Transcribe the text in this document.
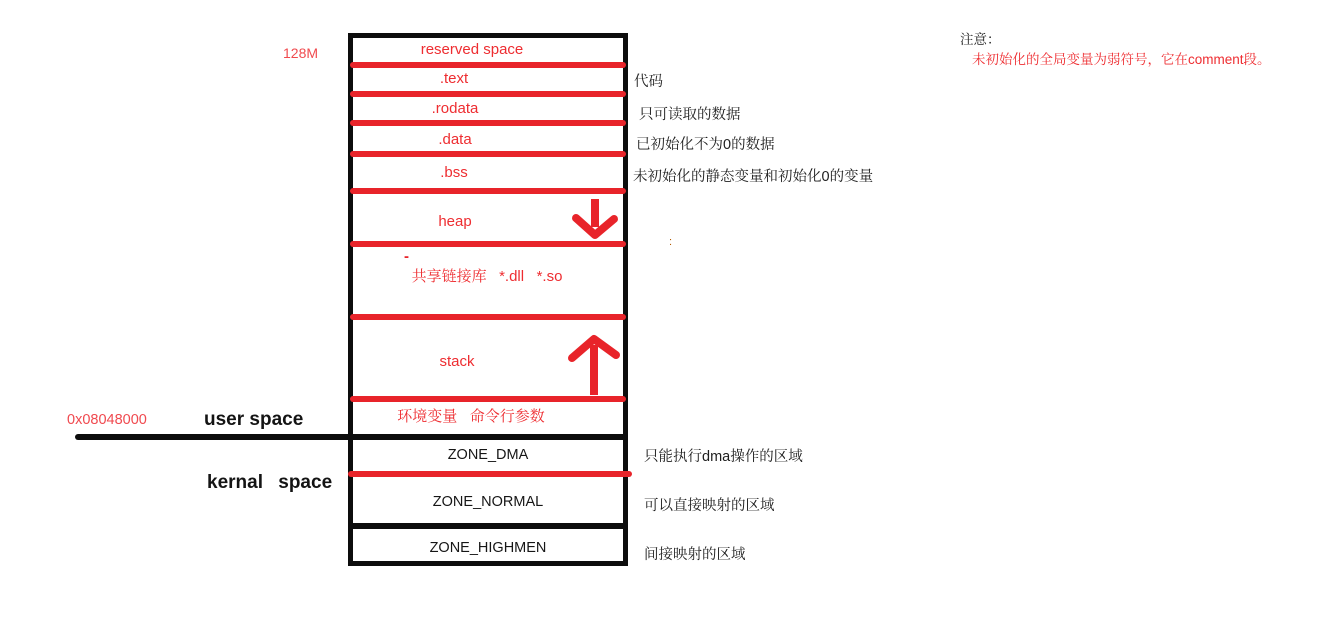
注意：
未初始化的全局变量为弱符号，它在comment段。

128M
0x08048000	user space
kernal space
reserved space
.text
.rodata
.data
.bss
heap
共享链接库   *.dll   *.so
stack
环境变量   命令行参数
ZONE_DMA
ZONE_NORMAL
ZONE_HIGHMEN
代码
只可读取的数据
已初始化不为0的数据
未初始化的静态变量和初始化0的变量
只能执行dma操作的区域
可以直接映射的区域
间接映射的区域
-
:
